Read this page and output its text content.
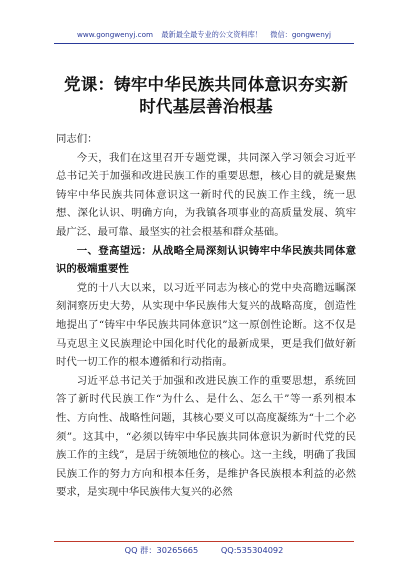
www.gongwenyj.com 最新最全最专业的公文资料库！ 微信：gongwenyj
党课：铸牢中华民族共同体意识夯实新时代基层善治根基

同志们：

今天，我们在这里召开专题党课，共同深入学习领会习近平总书记关于加强和改进民族工作的重要思想，核心目的就是聚焦铸牢中华民族共同体意识这一新时代的民族工作主线，统一思想、深化认识、明确方向，为我镇各项事业的高质量发展、筑牢最广泛、最可靠、最坚实的社会根基和群众基础。

一、登高望远：从战略全局深刻认识铸牢中华民族共同体意识的极端重要性

党的十八大以来，以习近平同志为核心的党中央高瞻远瞩深刻洞察历史大势，从实现中华民族伟大复兴的战略高度，创造性地提出了“铸牢中华民族共同体意识”这一原创性论断。这不仅是马克思主义民族理论中国化时代化的最新成果，更是我们做好新时代一切工作的根本遵循和行动指南。

习近平总书记关于加强和改进民族工作的重要思想，系统回答了新时代民族工作“为什么、是什么、怎么干”等一系列根本性、方向性、战略性问题，其核心要义可以高度凝练为“十二个必须”。这其中，“必须以铸牢中华民族共同体意识为新时代党的民族工作的主线”，是居于统领地位的核心。这一主线，明确了我国民族工作的努力方向和根本任务，是维护各民族根本利益的必然要求，是实现中华民族伟大复兴的必然

QQ 群：30265665	QQ:535304092
